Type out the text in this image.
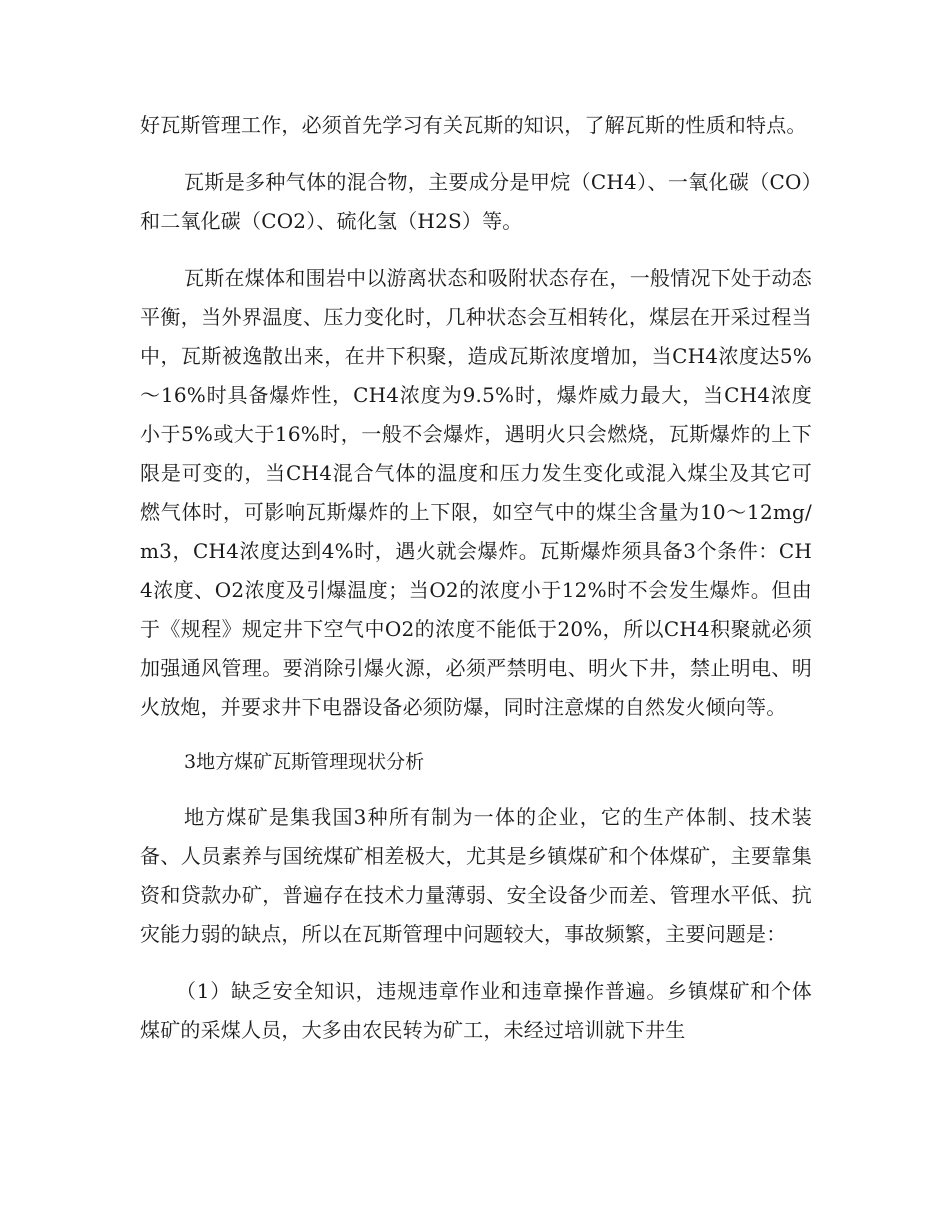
好瓦斯管理工作，必须首先学习有关瓦斯的知识，了解瓦斯的性质和特点。

瓦斯是多种气体的混合物，主要成分是甲烷（CH4）、一氧化碳（CO）和二氧化碳（CO2）、硫化氢（H2S）等。

瓦斯在煤体和围岩中以游离状态和吸附状态存在，一般情况下处于动态平衡，当外界温度、压力变化时，几种状态会互相转化，煤层在开采过程当中，瓦斯被逸散出来，在井下积聚，造成瓦斯浓度增加，当CH4浓度达5%～16%时具备爆炸性，CH4浓度为9.5%时，爆炸威力最大，当CH4浓度小于5%或大于16%时，一般不会爆炸，遇明火只会燃烧，瓦斯爆炸的上下限是可变的，当CH4混合气体的温度和压力发生变化或混入煤尘及其它可燃气体时，可影响瓦斯爆炸的上下限，如空气中的煤尘含量为10～12mg/m3，CH4浓度达到4%时，遇火就会爆炸。瓦斯爆炸须具备3个条件：CH4浓度、O2浓度及引爆温度；当O2的浓度小于12%时不会发生爆炸。但由于《规程》规定井下空气中O2的浓度不能低于20%，所以CH4积聚就必须加强通风管理。要消除引爆火源，必须严禁明电、明火下井，禁止明电、明火放炮，并要求井下电器设备必须防爆，同时注意煤的自然发火倾向等。

3地方煤矿瓦斯管理现状分析

地方煤矿是集我国3种所有制为一体的企业，它的生产体制、技术装备、人员素养与国统煤矿相差极大，尤其是乡镇煤矿和个体煤矿，主要靠集资和贷款办矿，普遍存在技术力量薄弱、安全设备少而差、管理水平低、抗灾能力弱的缺点，所以在瓦斯管理中问题较大，事故频繁，主要问题是：

（1）缺乏安全知识，违规违章作业和违章操作普遍。乡镇煤矿和个体煤矿的采煤人员，大多由农民转为矿工，未经过培训就下井生
